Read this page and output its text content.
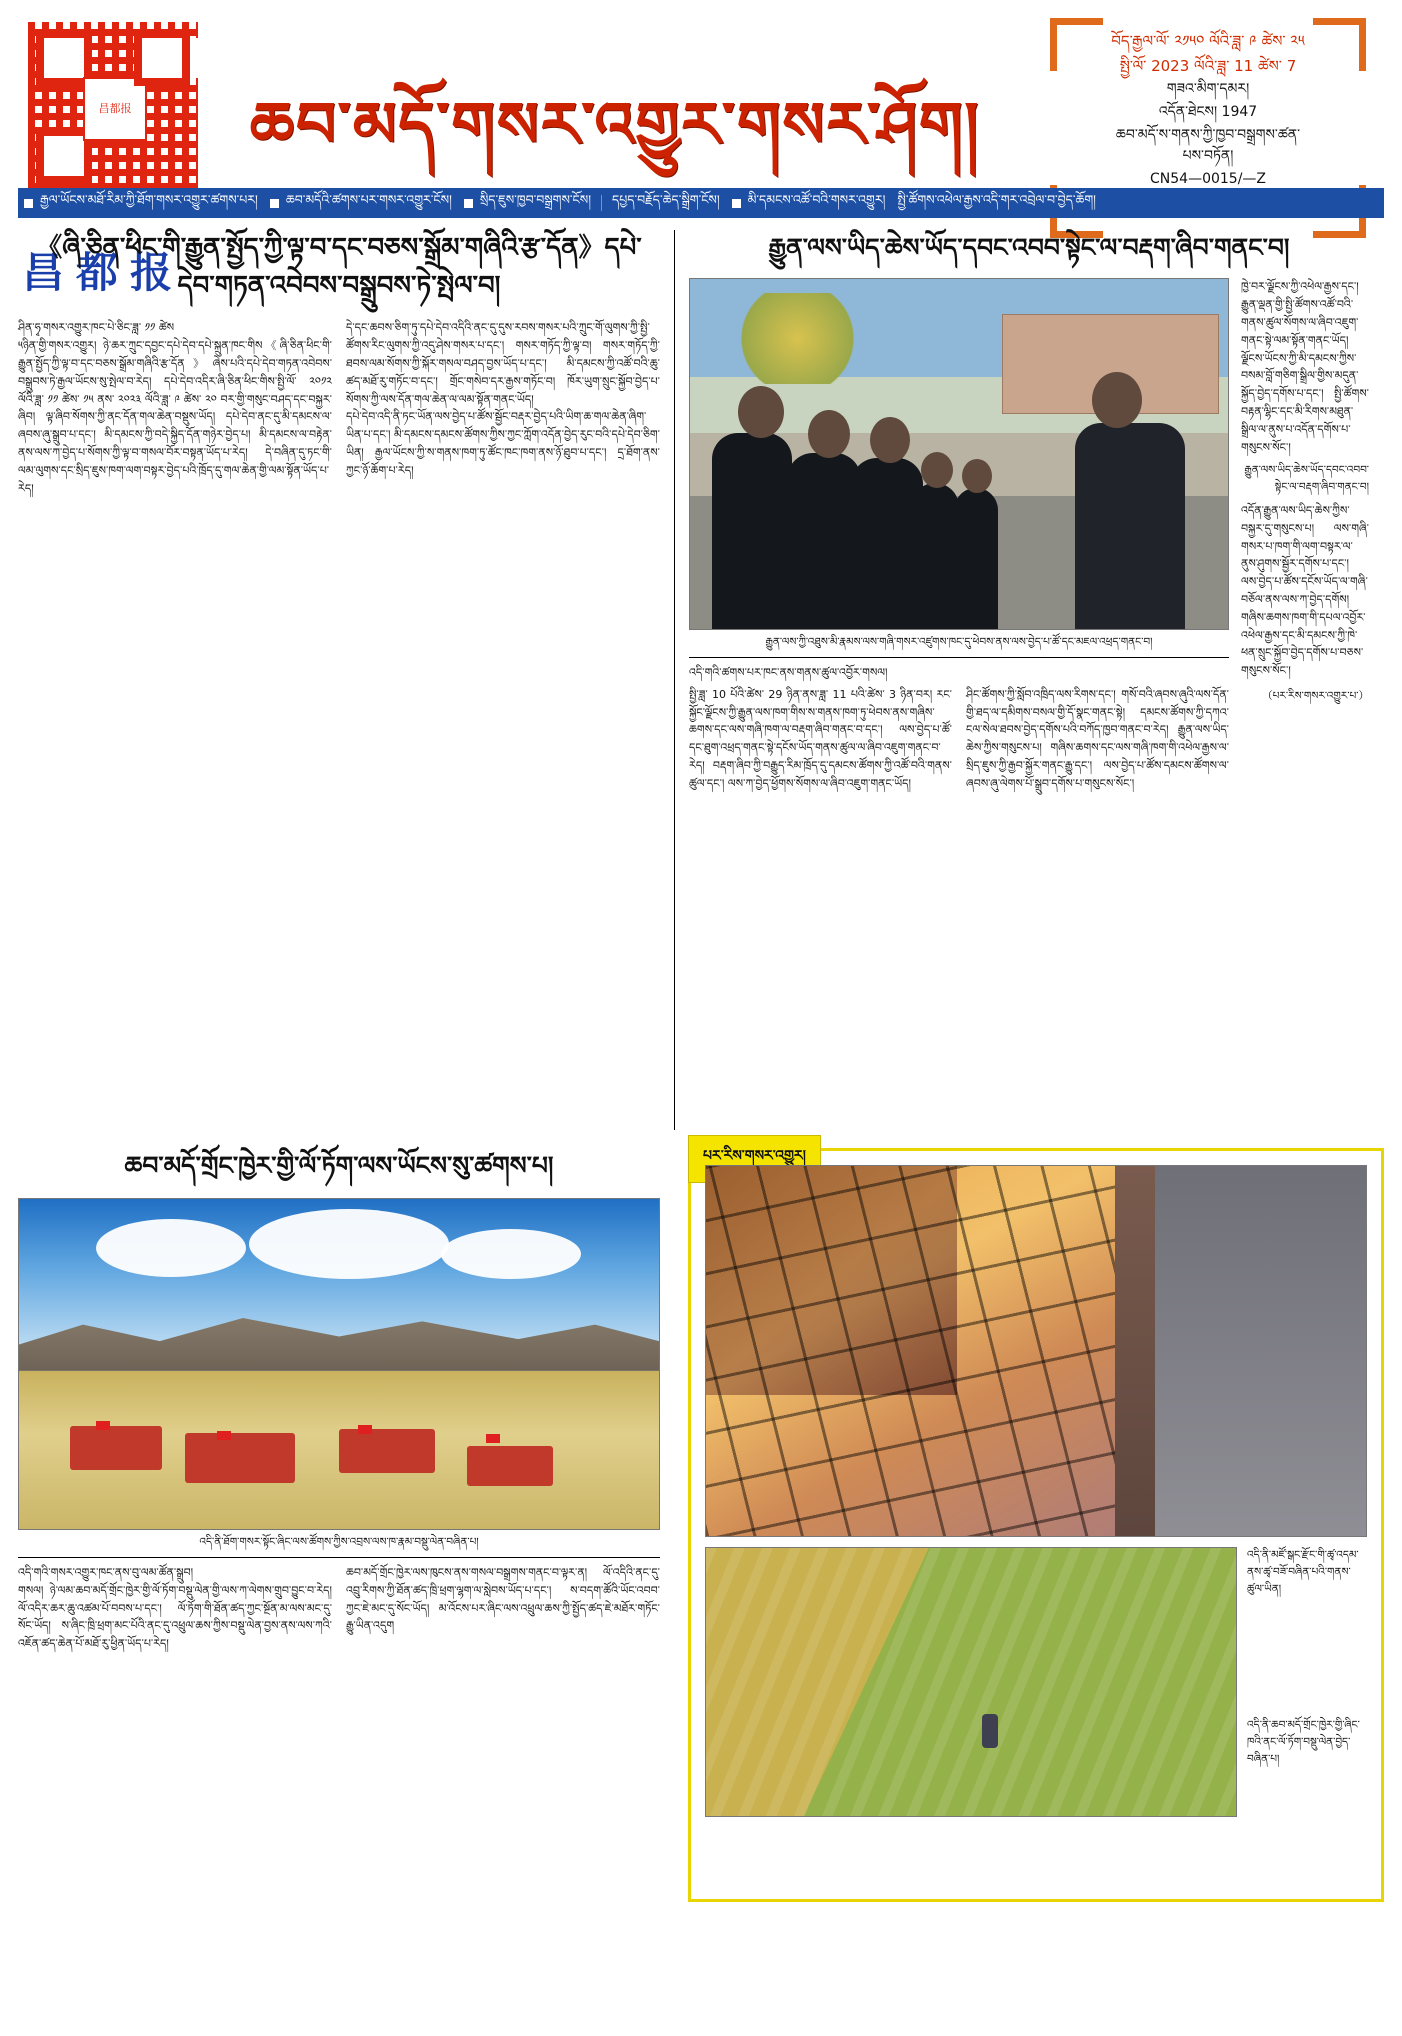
昌都报 ཆབ་མདོ་གསར་འགྱུར་གསར་ཤོག།
昌都报
བོད་རྒྱལ་ལོ་ ༢༡༥༠ ལོའི་ཟླ་ ༩ ཚེས་ ༢༥
སྤྱི་ལོ་ 2023 ལོའི་ཟླ་ 11 ཚེས་ 7
གཟའ་མིག་དམར།
འདོན་ཐེངས། 1947
ཆབ་མདོ་ས་གནས་ཀྱི་ཁྱབ་བསྒྲགས་ཚན་པས་བཏོན།
CN54—0015/—Z
རྒྱལ་ཡོངས་མཐོ་རིམ་ཀྱི་ཐོག་གསར་འགྱུར་ཚགས་པར། ཆབ་མདོའི་ཚགས་པར་གསར་འགྱུར་ངོས། སྲིད་ཇུས་ཁྱབ་བསྒྲགས་ངོས། དཔྱད་བརྗོད་ཆེད་སྒྲིག་ངོས། མི་དམངས་འཚོ་བའི་གསར་འགྱུར། སྤྱི་ཚོགས་འཕེལ་རྒྱས་འདི་གར་འབྲེལ་བ་བྱེད་ཆོག།
《ཞི་ཅིན་ཕིང་གི་རྒྱུན་སྤྱོད་ཀྱི་ལྟ་བ་དང་བཅས་སྒྲོམ་གཞིའི་རྩ་དོན》དཔེ་དེབ་གཏན་འབེབས་བསྒྲུབས་ཏེ་སྤེལ་བ།
ཤིན་ཧྭ་གསར་འགྱུར་ཁང་པེ་ཅིང་ཟླ་ ༡༡ ཚེས
༥ཉིན་གྱི་གསར་འགྱུར། ཉེ་ཆར་ཀྲུང་དབྱང་དཔེ་དེབ་དཔེ་སྐྲུན་ཁང་གིས《ཞི་ཅིན་ཕིང་གི་རྒྱུན་སྤྱོད་ཀྱི་ལྟ་བ་དང་བཅས་སྒྲོམ་གཞིའི་རྩ་དོན》ཞེས་པའི་དཔེ་དེབ་གཏན་འབེབས་བསྒྲུབས་ཏེ་རྒྱལ་ཡོངས་སུ་སྤེལ་བ་རེད། དཔེ་དེབ་འདིར་ཞི་ཅིན་ཕིང་གིས་སྤྱི་ལོ་ ༢༠༡༢ ལོའི་ཟླ་ ༡༡ ཚེས་ ༡༥ ནས་ ༢༠༢༣ ལོའི་ཟླ་ ༩ ཚེས་ ༢༠ བར་གྱི་གསུང་བཤད་དང་བསྐྱར་ཞིབ། ལྟ་ཞིབ་སོགས་ཀྱི་ནང་དོན་གལ་ཆེན་བསྡུས་ཡོད། དཔེ་དེབ་ནང་དུ་མི་དམངས་ལ་ཞབས་ཞུ་སྒྲུབ་པ་དང་། མི་དམངས་ཀྱི་བདེ་སྐྱིད་དོན་གཉེར་བྱེད་པ། མི་དམངས་ལ་བརྟེན་ནས་ལས་ཀ་བྱེད་པ་སོགས་ཀྱི་ལྟ་བ་གསལ་བོར་བསྟན་ཡོད་པ་རེད། དེ་བཞིན་དུ་ཏང་གི་ལམ་ལུགས་དང་སྲིད་ཇུས་ཁག་ལག་བསྟར་བྱེད་པའི་ཁྲོད་དུ་གལ་ཆེན་གྱི་ལམ་སྟོན་ཡོད་པ་རེད།
དེ་དང་ཆབས་ཅིག་ཏུ་དཔེ་དེབ་འདིའི་ནང་དུ་དུས་རབས་གསར་པའི་ཀྲུང་གོ་ལུགས་ཀྱི་སྤྱི་ཚོགས་རིང་ལུགས་ཀྱི་འདུ་ཤེས་གསར་པ་དང་། གསར་གཏོད་ཀྱི་ལྟ་བ། གསར་གཏོད་ཀྱི་ཐབས་ལམ་སོགས་ཀྱི་སྐོར་གསལ་བཤད་བྱས་ཡོད་པ་དང་། མི་དམངས་ཀྱི་འཚོ་བའི་ཆུ་ཚད་མཐོ་རུ་གཏོང་བ་དང་། གྲོང་གསེབ་དར་རྒྱས་གཏོང་བ། ཁོར་ཡུག་སྲུང་སྐྱོབ་བྱེད་པ་སོགས་ཀྱི་ལས་དོན་གལ་ཆེན་ལ་ལམ་སྟོན་གནང་ཡོད།
དཔེ་དེབ་འདི་ནི་ཏང་ཡོན་ལས་བྱེད་པ་ཚོས་སྦྱོང་བརྡར་བྱེད་པའི་ཡིག་ཆ་གལ་ཆེན་ཞིག་ཡིན་པ་དང་། མི་དམངས་དམངས་ཚོགས་ཀྱིས་ཀྱང་ཀློག་འདོན་བྱེད་རུང་བའི་དཔེ་དེབ་ཅིག་ཡིན། རྒྱལ་ཡོངས་ཀྱི་ས་གནས་ཁག་ཏུ་ཚོང་ཁང་ཁག་ནས་ཉོ་ཐུབ་པ་དང་། དྲ་ཐོག་ནས་ཀྱང་ཉོ་ཆོག་པ་རེད།
རྒྱུན་ལས་ཡིད་ཆེས་ཡོད་དབང་འབབ་སྟེང་ལ་བརྡག་ཞིབ་གནང་བ།
རྒྱུན་ལས་ཀྱི་འཐུས་མི་རྣམས་ལས་གཞི་གསར་འཛུགས་ཁང་དུ་ཕེབས་ནས་ལས་བྱེད་པ་ཚོ་དང་མཇལ་འཕྲད་གནང་བ།
འདི་གའི་ཚགས་པར་ཁང་ནས་གནས་ཚུལ་འབྱོར་གསལ།
སྤྱི་ཟླ་ 10 པོའི་ཚེས་ 29 ཉིན་ནས་ཟླ་ 11 པའི་ཚེས་ 3 ཉིན་བར། རང་སྐྱོང་ལྗོངས་ཀྱི་རྒྱུན་ལས་ཁག་གིས་ས་གནས་ཁག་ཏུ་ཕེབས་ནས་གཞིས་ཆགས་དང་ལས་གཞི་ཁག་ལ་བརྡག་ཞིབ་གནང་བ་དང་། ལས་བྱེད་པ་ཚོ་དང་ཐུག་འཕྲད་གནང་སྟེ་དངོས་ཡོད་གནས་ཚུལ་ལ་ཞིབ་འཇུག་གནང་བ་རེད། བརྡག་ཞིབ་ཀྱི་བརྒྱུད་རིམ་ཁྲོད་དུ་དམངས་ཚོགས་ཀྱི་འཚོ་བའི་གནས་ཚུལ་དང་། ལས་ཀ་བྱེད་ཕྱོགས་སོགས་ལ་ཞིབ་འཇུག་གནང་ཡོད།
ཤིང་ཚོགས་ཀྱི་སློབ་འཁྲིད་ལས་རིགས་དང་། གསོ་བའི་ཞབས་ཞུའི་ལས་དོན་གྱི་ཐད་ལ་དམིགས་བསལ་གྱི་དོ་སྣང་གནང་སྟེ། དམངས་ཚོགས་ཀྱི་དཀའ་ངལ་སེལ་ཐབས་བྱེད་དགོས་པའི་བཀོད་ཁྱབ་གནང་བ་རེད། རྒྱུན་ལས་ཡིད་ཆེས་ཀྱིས་གསུངས་པ། གཞིས་ཆགས་དང་ལས་གཞི་ཁག་གི་འཕེལ་རྒྱས་ལ་སྲིད་ཇུས་ཀྱི་རྒྱབ་སྐྱོར་གནང་རྒྱུ་དང་། ལས་བྱེད་པ་ཚོས་དམངས་ཚོགས་ལ་ཞབས་ཞུ་ལེགས་པོ་སྒྲུབ་དགོས་པ་གསུངས་སོང་།
ཁྱེ་བར་ལྗོངས་ཀྱི་འཕེལ་རྒྱས་དང་། རྒྱུན་ལྡན་གྱི་སྤྱི་ཚོགས་འཚོ་བའི་གནས་ཚུལ་སོགས་ལ་ཞིབ་འཇུག་གནང་སྟེ་ལམ་སྟོན་གནང་ཡོད། ལྗོངས་ཡོངས་ཀྱི་མི་དམངས་ཀྱིས་བསམ་བློ་གཅིག་སྒྲིལ་གྱིས་མདུན་སྐྱོད་བྱེད་དགོས་པ་དང་། སྤྱི་ཚོགས་བརྟན་ལྷིང་དང་མི་རིགས་མཐུན་སྒྲིལ་ལ་ནུས་པ་འདོན་དགོས་པ་གསུངས་སོང་།
རྒྱུན་ལས་ཡིད་ཆེས་ཡོད་དབང་འབབ་སྟེང་ལ་བརྡག་ཞིབ་གནང་བ།
འདོན་རྒྱུན་ལས་ཡིད་ཆེས་ཀྱིས་བསྐྱར་དུ་གསུངས་པ། ལས་གཞི་གསར་པ་ཁག་གི་ལག་བསྟར་ལ་ནུས་ཤུགས་སྦྱོར་དགོས་པ་དང་། ལས་བྱེད་པ་ཚོས་དངོས་ཡོད་ལ་གཞི་བཅོལ་ནས་ལས་ཀ་བྱེད་དགོས། གཞིས་ཆགས་ཁག་གི་དཔལ་འབྱོར་འཕེལ་རྒྱས་དང་མི་དམངས་ཀྱི་ཁེ་ཕན་སྲུང་སྐྱོབ་བྱེད་དགོས་པ་བཅས་གསུངས་སོང་།
（པར་རིས་གསར་འགྱུར་པ་）
ཆབ་མདོ་གྲོང་ཁྱེར་གྱི་ལོ་ཏོག་ལས་ཡོངས་སུ་ཚགས་པ།
འདི་ནི་ཐོག་གསར་སྟོང་ཞིང་ལས་ཚོགས་ཀྱིས་འབྲས་ལས་ཁ་རྣམ་བསྡུ་ལེན་བཞིན་པ།
འདི་གའི་གསར་འགྱུར་ཁང་ནས་བུ་ལམ་ཚོན་སྒྲུབ།
གསལ། ཉེ་ལམ་ཆབ་མདོ་གྲོང་ཁྱེར་གྱི་ལོ་ཏོག་བསྡུ་ལེན་གྱི་ལས་ཀ་ལེགས་གྲུབ་བྱུང་བ་རེད། ལོ་འདིར་ཆར་ཆུ་འཚམ་པོ་བབས་པ་དང་། ལོ་ཏོག་གི་ཐོན་ཚད་ཀྱང་སྔོན་མ་ལས་མང་དུ་སོང་ཡོད། ས་ཞིང་ཁྲི་ཕྲག་མང་པོའི་ནང་དུ་འཕྲུལ་ཆས་ཀྱིས་བསྡུ་ལེན་བྱས་ནས་ལས་ཀའི་འཇོན་ཚད་ཆེན་པོ་མཐོ་རུ་ཕྱིན་ཡོད་པ་རེད།
ཆབ་མདོ་གྲོང་ཁྱེར་ལས་ཁུངས་ནས་གསལ་བསྒྲགས་གནང་བ་ལྟར་ན། ལོ་འདིའི་ནང་དུ་འབྲུ་རིགས་ཀྱི་ཐོན་ཚད་ཁྲི་ཕྲག་ལྷག་ལ་སླེབས་ཡོད་པ་དང་། ས་བདག་ཚོའི་ཡོང་འབབ་ཀྱང་ཇེ་མང་དུ་སོང་ཡོད། མ་འོངས་པར་ཞིང་ལས་འཕྲུལ་ཆས་ཀྱི་སྤྱོད་ཚད་ཇེ་མཐོར་གཏོང་རྒྱུ་ཡིན་འདུག
པར་རིས་གསར་འགྱུར།
འདི་ནི་མཛོ་སྒང་རྫོང་གི་ཚྭ་འདམ་ནས་ཚྭ་བཟོ་བཞིན་པའི་གནས་ཚུལ་ཡིན།
འདི་ནི་ཆབ་མདོ་གྲོང་ཁྱེར་གྱི་ཞིང་ཁའི་ནང་ལོ་ཏོག་བསྡུ་ལེན་བྱེད་བཞིན་པ།
